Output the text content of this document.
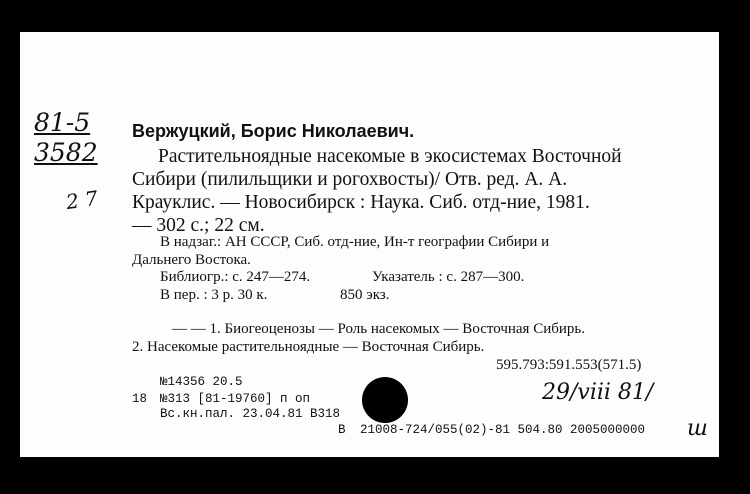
81-5
3582
2 7
Вержуцкий, Борис Николаевич.
Растительноядные насекомые в экосистемах Восточной
Сибири (пилильщики и рогохвосты)/ Отв. ред. А. А.
Крауклис. — Новосибирск : Наука. Сиб. отд-ние, 1981.
— 302 с.; 22 см.
В надзаг.: АН СССР, Сиб. отд-ние, Ин-т географии Сибири и
Дальнего Востока.
Библиогр.: с. 247—274.	Указатель : с. 287—300.
В пер. : 3 р. 30 к.	850 экз.
— — 1. Биогеоценозы — Роль насекомых — Восточная Сибирь.
2. Насекомые растительноядные — Восточная Сибирь.
595.793:591.553(571.5)
№14356 20.5
18 №313 [81-19760] п оп
Вс.кн.пал. 23.04.81 В318
В 21008-724/055(02)-81 504.80 2005000000
29/viii 81/
ш
